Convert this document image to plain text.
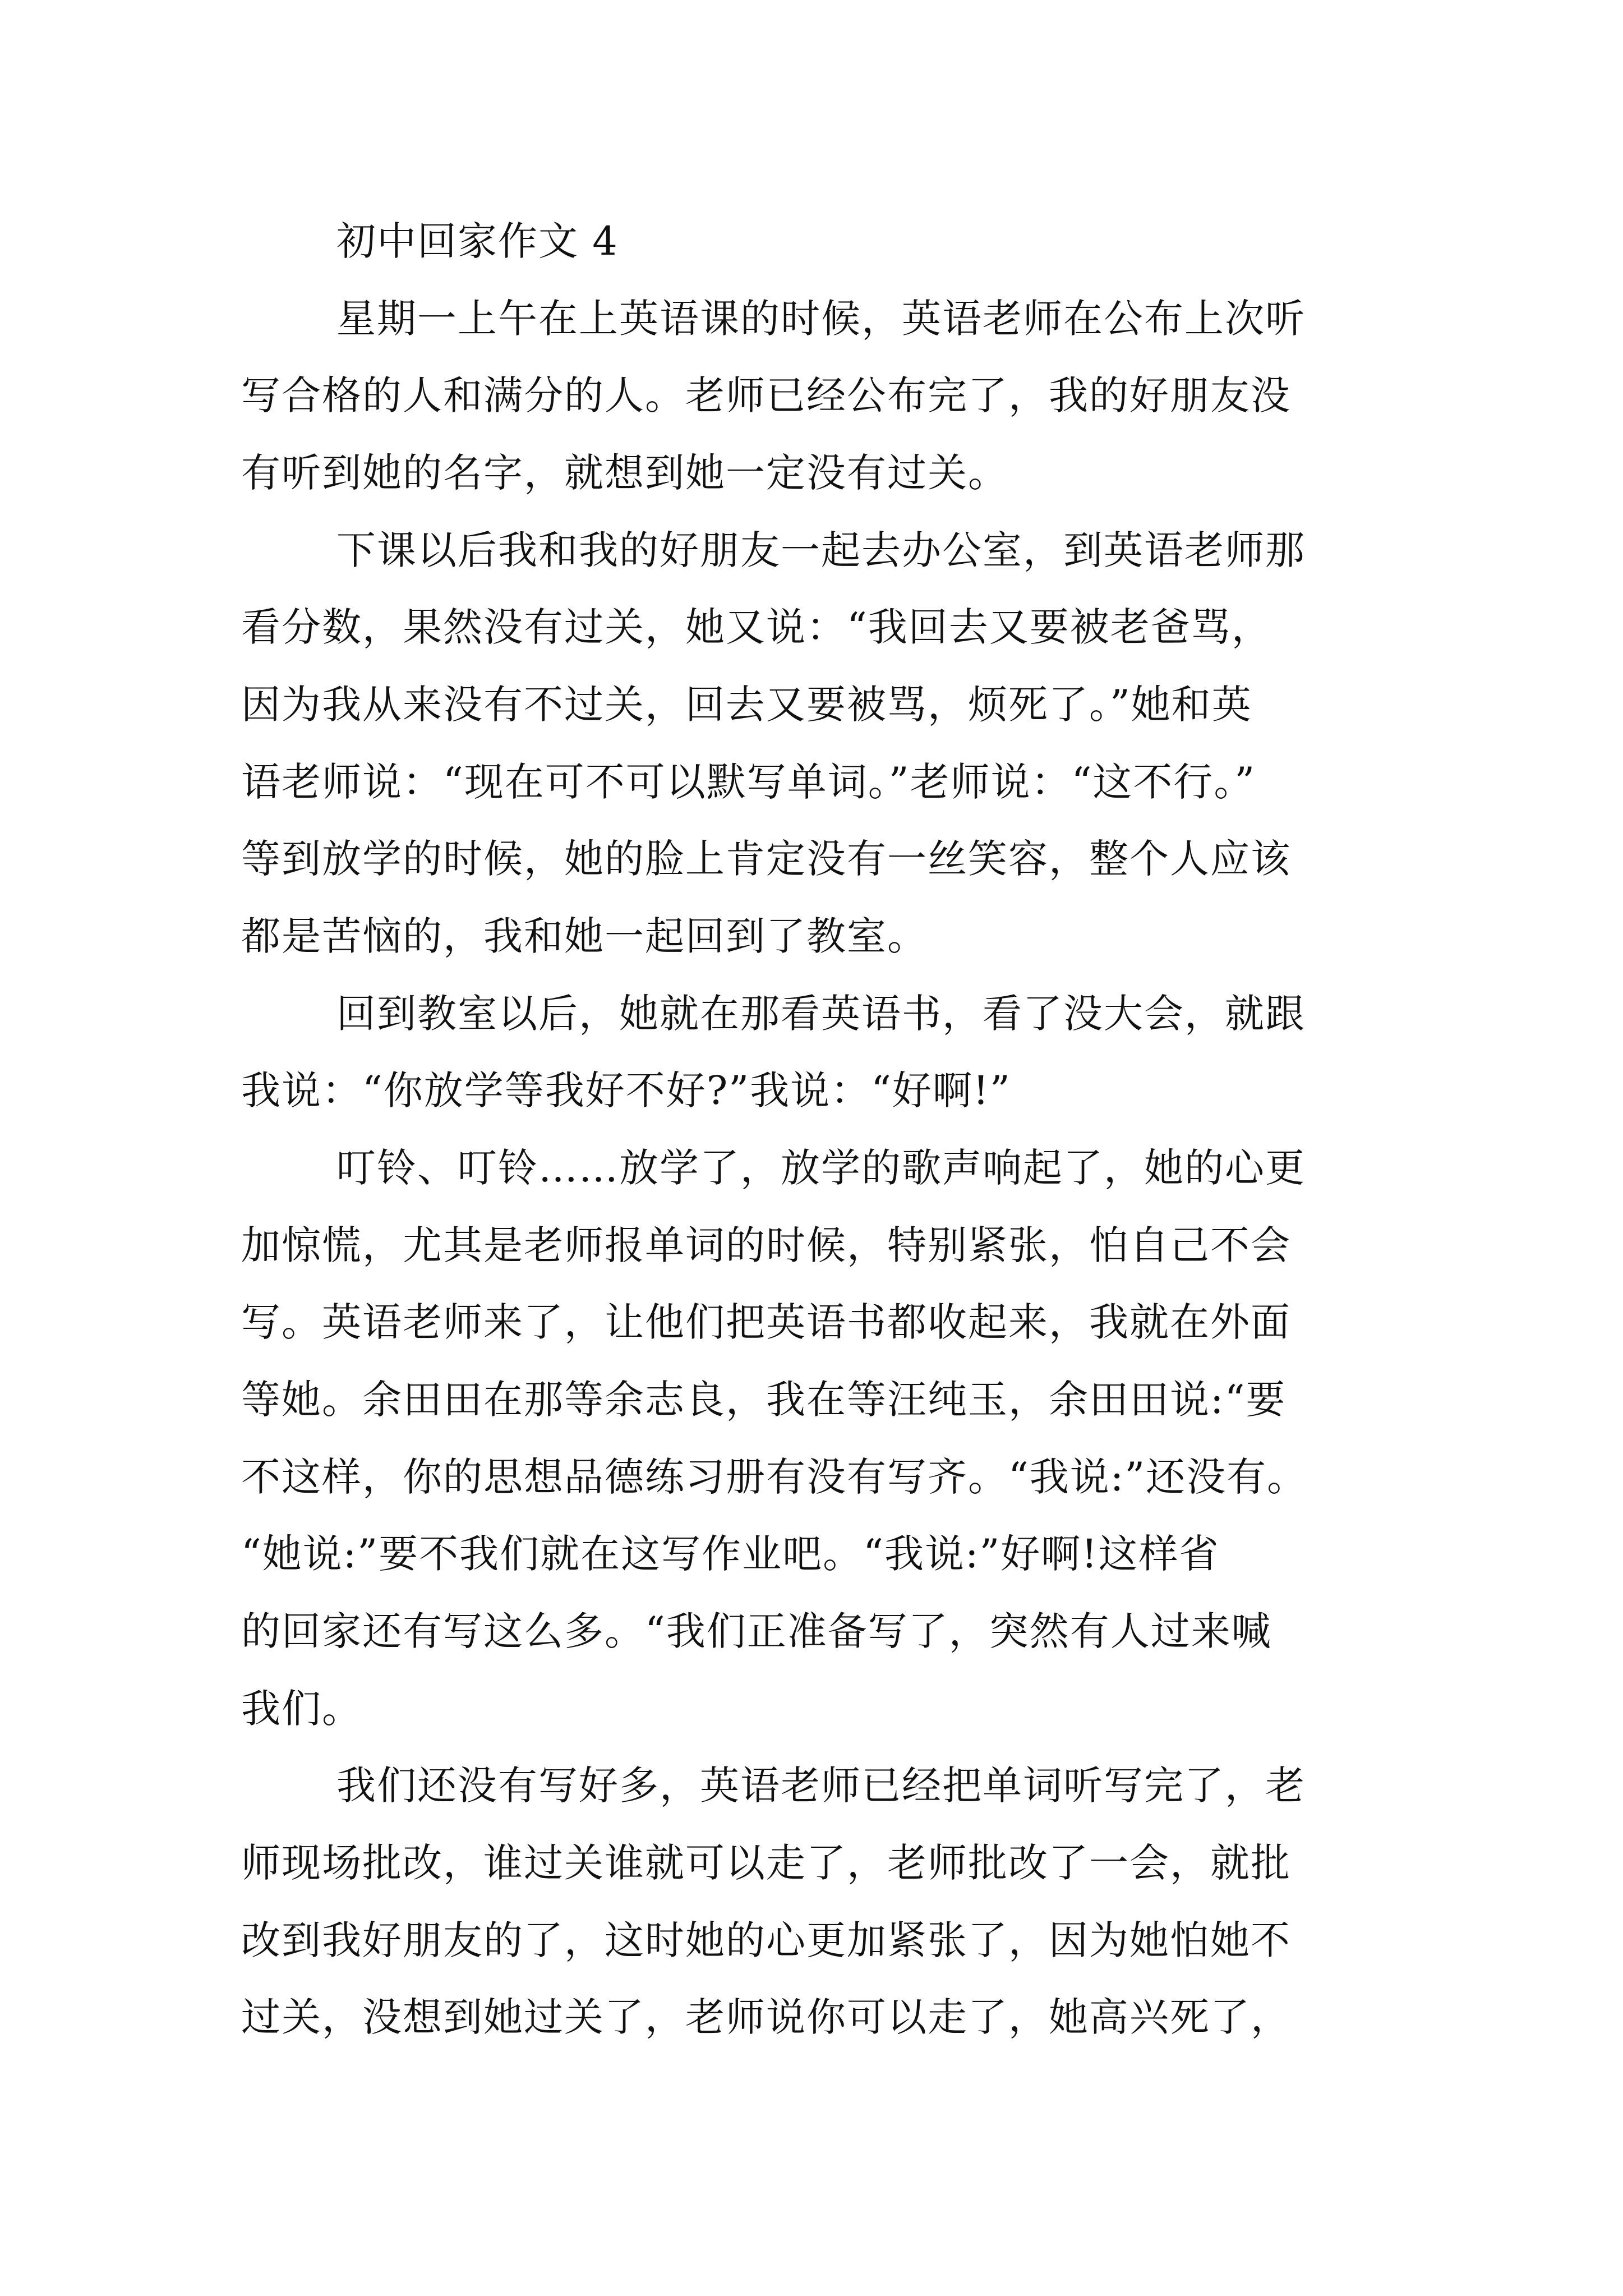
初中回家作文 4
星期一上午在上英语课的时候，英语老师在公布上次听
写合格的人和满分的人。老师已经公布完了，我的好朋友没
有听到她的名字，就想到她一定没有过关。
下课以后我和我的好朋友一起去办公室，到英语老师那
看分数，果然没有过关，她又说：“我回去又要被老爸骂，
因为我从来没有不过关，回去又要被骂，烦死了。”她和英
语老师说：“现在可不可以默写单词。”老师说：“这不行。”
等到放学的时候，她的脸上肯定没有一丝笑容，整个人应该
都是苦恼的，我和她一起回到了教室。
回到教室以后，她就在那看英语书，看了没大会，就跟
我说：“你放学等我好不好?”我说：“好啊!”
叮铃、叮铃……放学了，放学的歌声响起了，她的心更
加惊慌，尤其是老师报单词的时候，特别紧张，怕自己不会
写。英语老师来了，让他们把英语书都收起来，我就在外面
等她。余田田在那等余志良，我在等汪纯玉，余田田说:“要
不这样，你的思想品德练习册有没有写齐。“我说:”还没有。
“她说:”要不我们就在这写作业吧。“我说:”好啊!这样省
的回家还有写这么多。“我们正准备写了，突然有人过来喊
我们。
我们还没有写好多，英语老师已经把单词听写完了，老
师现场批改，谁过关谁就可以走了，老师批改了一会，就批
改到我好朋友的了，这时她的心更加紧张了，因为她怕她不
过关，没想到她过关了，老师说你可以走了，她高兴死了，
